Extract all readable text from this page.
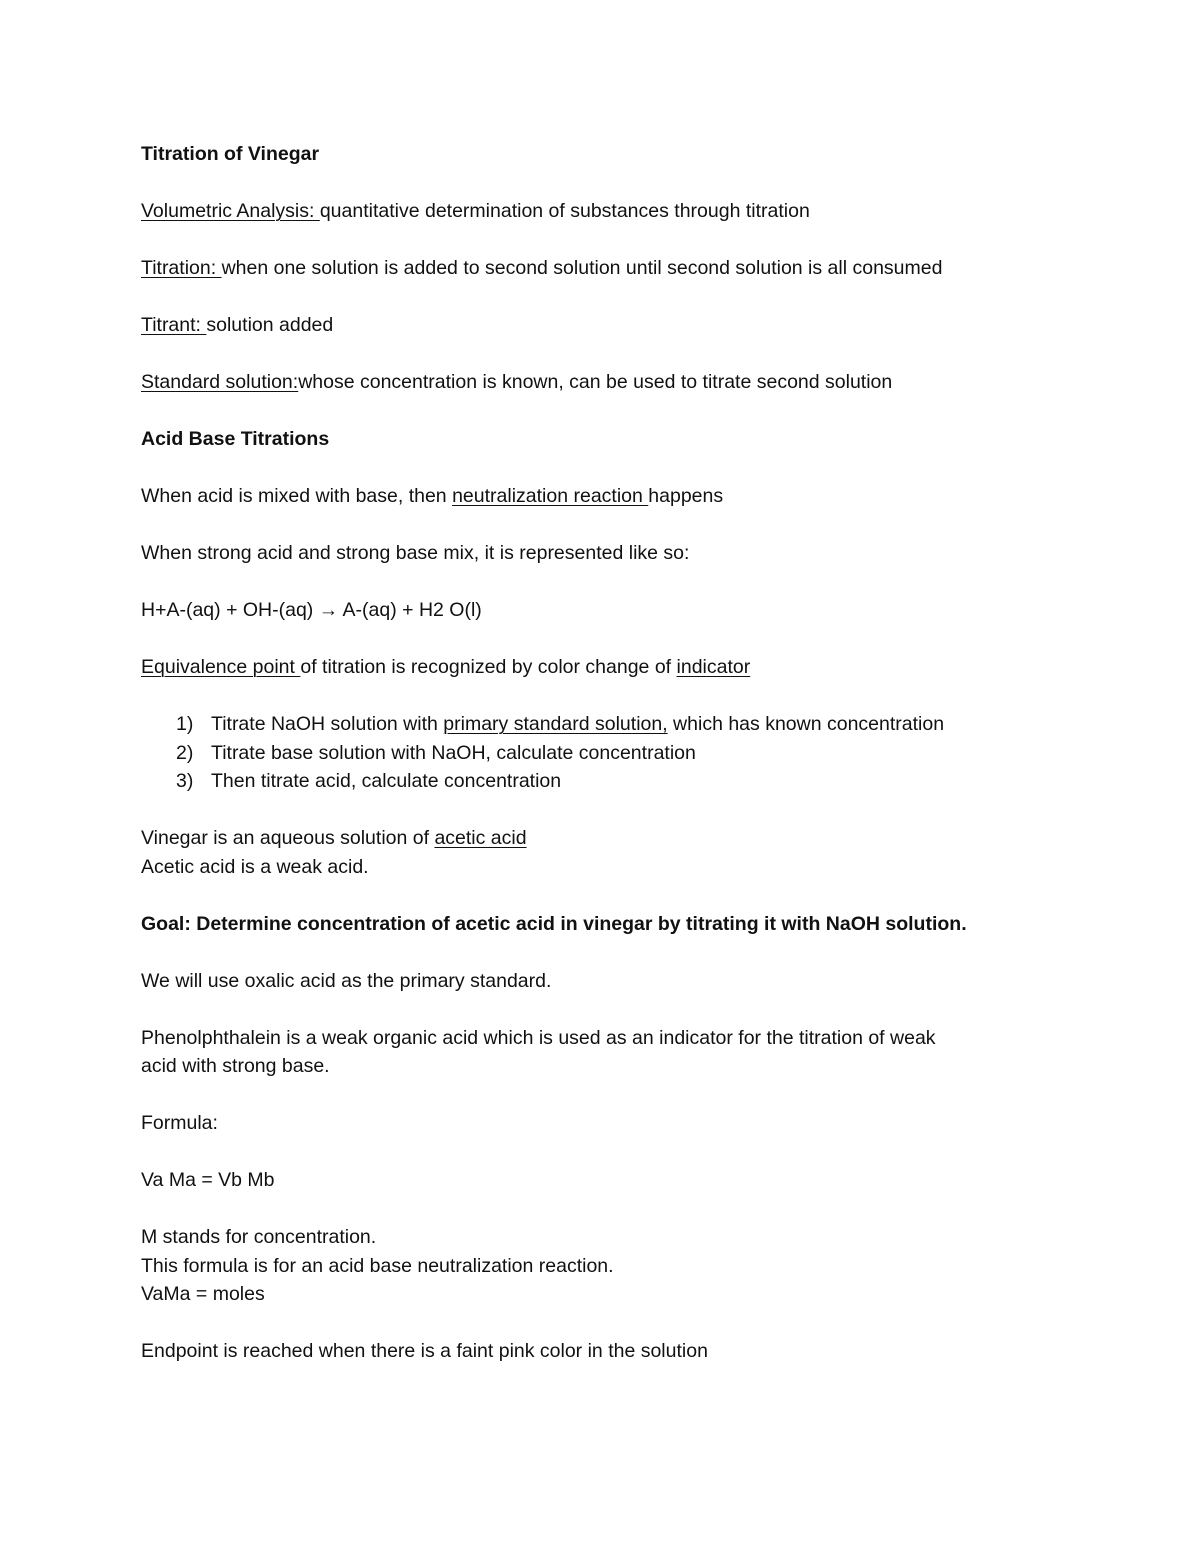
Titration of Vinegar

Volumetric Analysis: quantitative determination of substances through titration

Titration: when one solution is added to second solution until second solution is all consumed

Titrant: solution added

Standard solution:whose concentration is known, can be used to titrate second solution

Acid Base Titrations

When acid is mixed with base, then neutralization reaction happens

When strong acid and strong base mix, it is represented like so:

H+A-(aq) + OH-(aq) → A-(aq) + H2 O(l)

Equivalence point of titration is recognized by color change of indicator

1) Titrate NaOH solution with primary standard solution, which has known concentration
2) Titrate base solution with NaOH, calculate concentration
3) Then titrate acid, calculate concentration

Vinegar is an aqueous solution of acetic acid

Acetic acid is a weak acid.

Goal: Determine concentration of acetic acid in vinegar by titrating it with NaOH solution.

We will use oxalic acid as the primary standard.

Phenolphthalein is a weak organic acid which is used as an indicator for the titration of weak

acid with strong base.

Formula:

Va Ma = Vb Mb

M stands for concentration.

This formula is for an acid base neutralization reaction.

VaMa = moles

Endpoint is reached when there is a faint pink color in the solution
